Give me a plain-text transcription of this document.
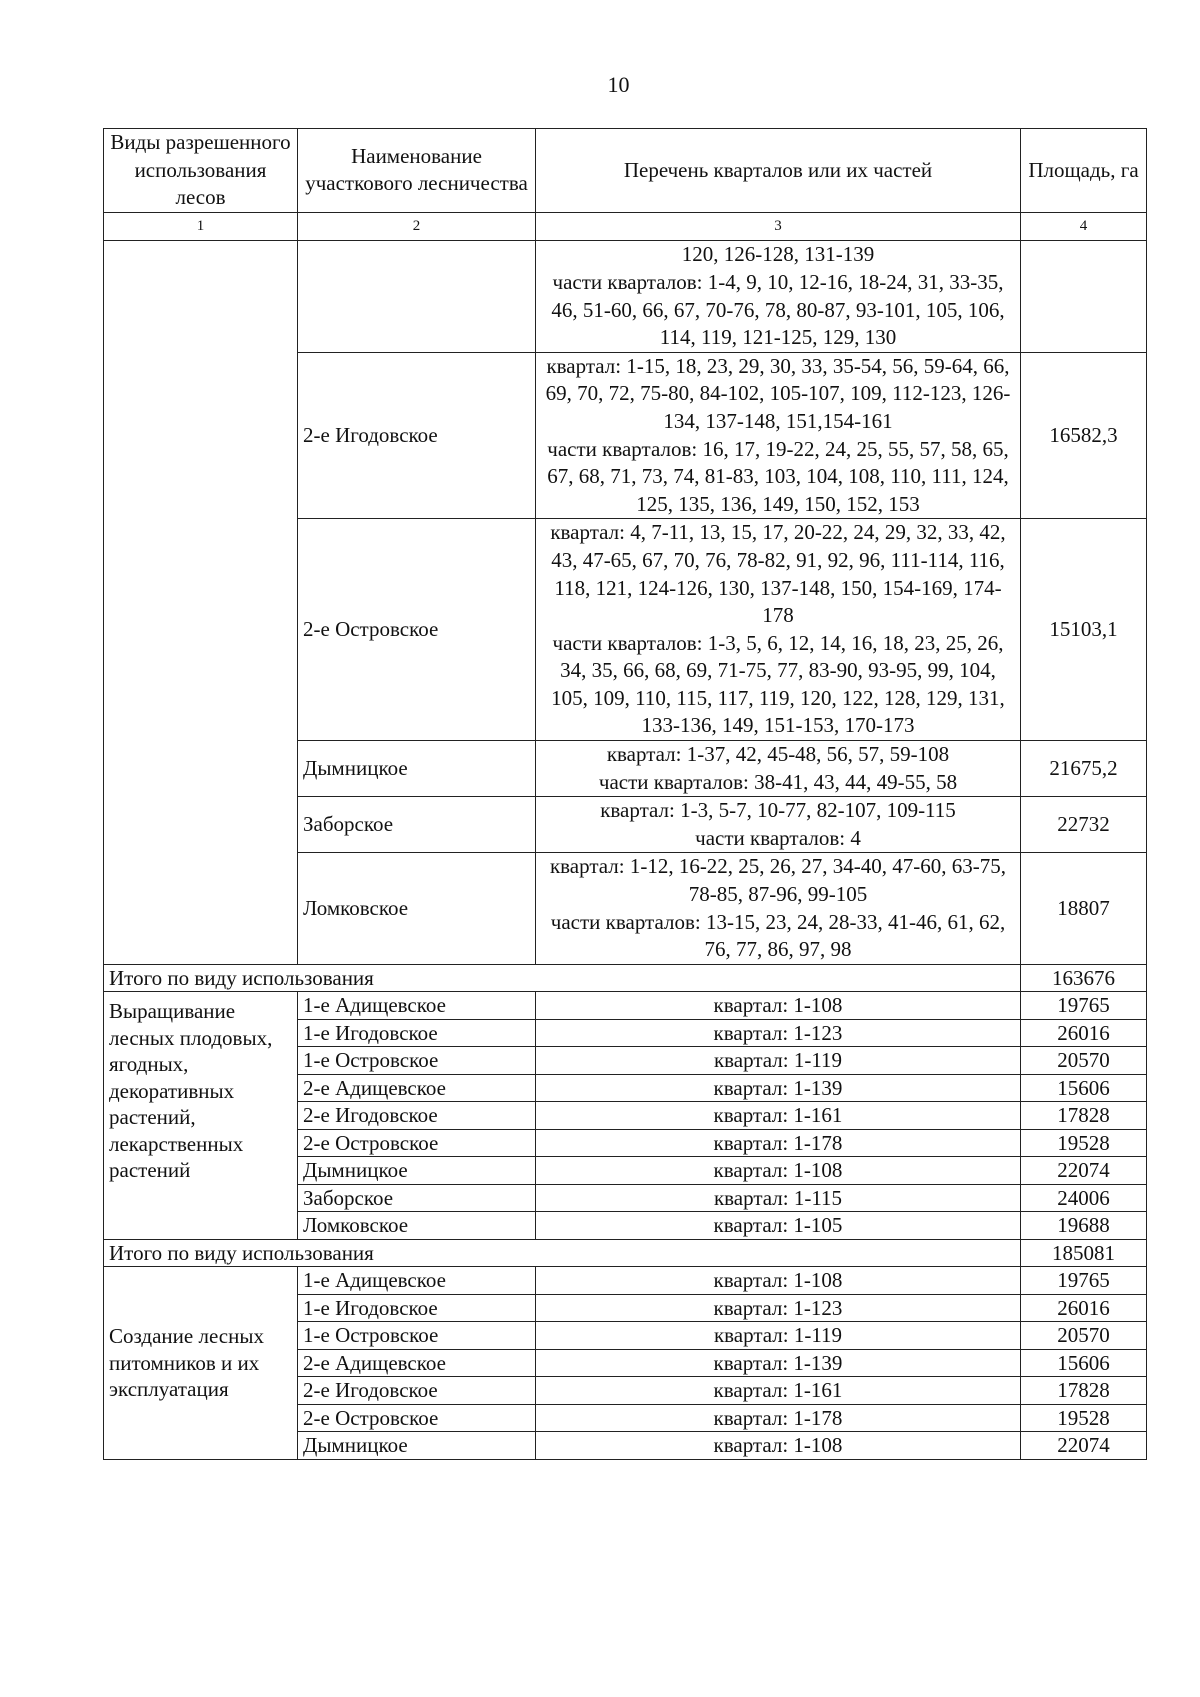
10
Виды разрешенного использования лесов	Наименование участкового лесничества	Перечень кварталов или их частей	Площадь, га
1	2	3	4

		120, 126-128, 131-139
части кварталов: 1-4, 9, 10, 12-16, 18-24, 31, 33-35, 46, 51-60, 66, 67, 70-76, 78, 80-87, 93-101, 105, 106, 114, 119, 121-125, 129, 130	

	2-е Игодовское	квартал: 1-15, 18, 23, 29, 30, 33, 35-54, 56, 59-64, 66, 69, 70, 72, 75-80, 84-102, 105-107, 109, 112-123, 126-134, 137-148, 151,154-161
части кварталов: 16, 17, 19-22, 24, 25, 55, 57, 58, 65, 67, 68, 71, 73, 74, 81-83, 103, 104, 108, 110, 111, 124, 125, 135, 136, 149, 150, 152, 153	16582,3
	2-е Островское	квартал: 4, 7-11, 13, 15, 17, 20-22, 24, 29, 32, 33, 42, 43, 47-65, 67, 70, 76, 78-82, 91, 92, 96, 111-114, 116, 118, 121, 124-126, 130, 137-148, 150, 154-169, 174-178
части кварталов: 1-3, 5, 6, 12, 14, 16, 18, 23, 25, 26, 34, 35, 66, 68, 69, 71-75, 77, 83-90, 93-95, 99, 104, 105, 109, 110, 115, 117, 119, 120, 122, 128, 129, 131, 133-136, 149, 151-153, 170-173	15103,1
	Дымницкое	квартал: 1-37, 42, 45-48, 56, 57, 59-108
части кварталов: 38-41, 43, 44, 49-55, 58	21675,2
	Заборское	квартал: 1-3, 5-7, 10-77, 82-107, 109-115
части кварталов: 4	22732
	Ломковское	квартал: 1-12, 16-22, 25, 26, 27, 34-40, 47-60, 63-75, 78-85, 87-96, 99-105
части кварталов: 13-15, 23, 24, 28-33, 41-46, 61, 62, 76, 77, 86, 97, 98	18807
Итого по виду использования			163676
Выращивание лесных плодовых, ягодных, декоративных растений, лекарственных растений	1-е Адищевское	квартал: 1-108	19765
	1-е Игодовское	квартал: 1-123	26016
	1-е Островское	квартал: 1-119	20570
	2-е Адищевское	квартал: 1-139	15606
	2-е Игодовское	квартал: 1-161	17828
	2-е Островское	квартал: 1-178	19528
	Дымницкое	квартал: 1-108	22074
	Заборское	квартал: 1-115	24006
	Ломковское	квартал: 1-105	19688
Итого по виду использования			185081
Создание лесных питомников и их эксплуатация	1-е Адищевское	квартал: 1-108	19765
	1-е Игодовское	квартал: 1-123	26016
	1-е Островское	квартал: 1-119	20570
	2-е Адищевское	квартал: 1-139	15606
	2-е Игодовское	квартал: 1-161	17828
	2-е Островское	квартал: 1-178	19528
	Дымницкое	квартал: 1-108	22074
